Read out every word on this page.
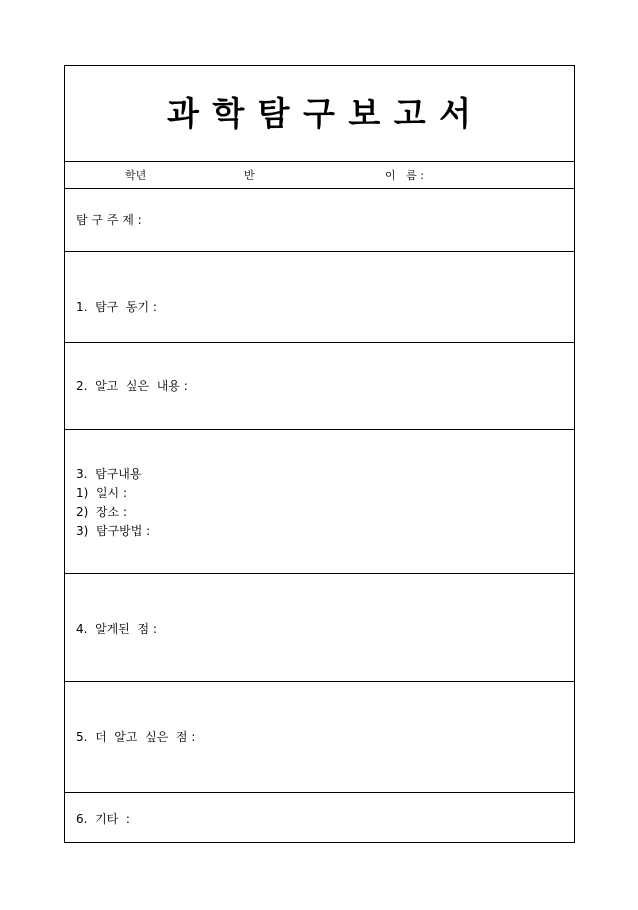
과 학 탐 구 보 고 서
학년	반	이   름 :
탐 구 주 제 :
1.  탐구  동기 :
2.  알고  싶은  내용 :
3.  탐구내용
1)  일시 :
2)  장소 :
3)  탐구방법 :
4.  알게된  점 :
5.  더  알고  싶은  점 :
6.  기타  :
